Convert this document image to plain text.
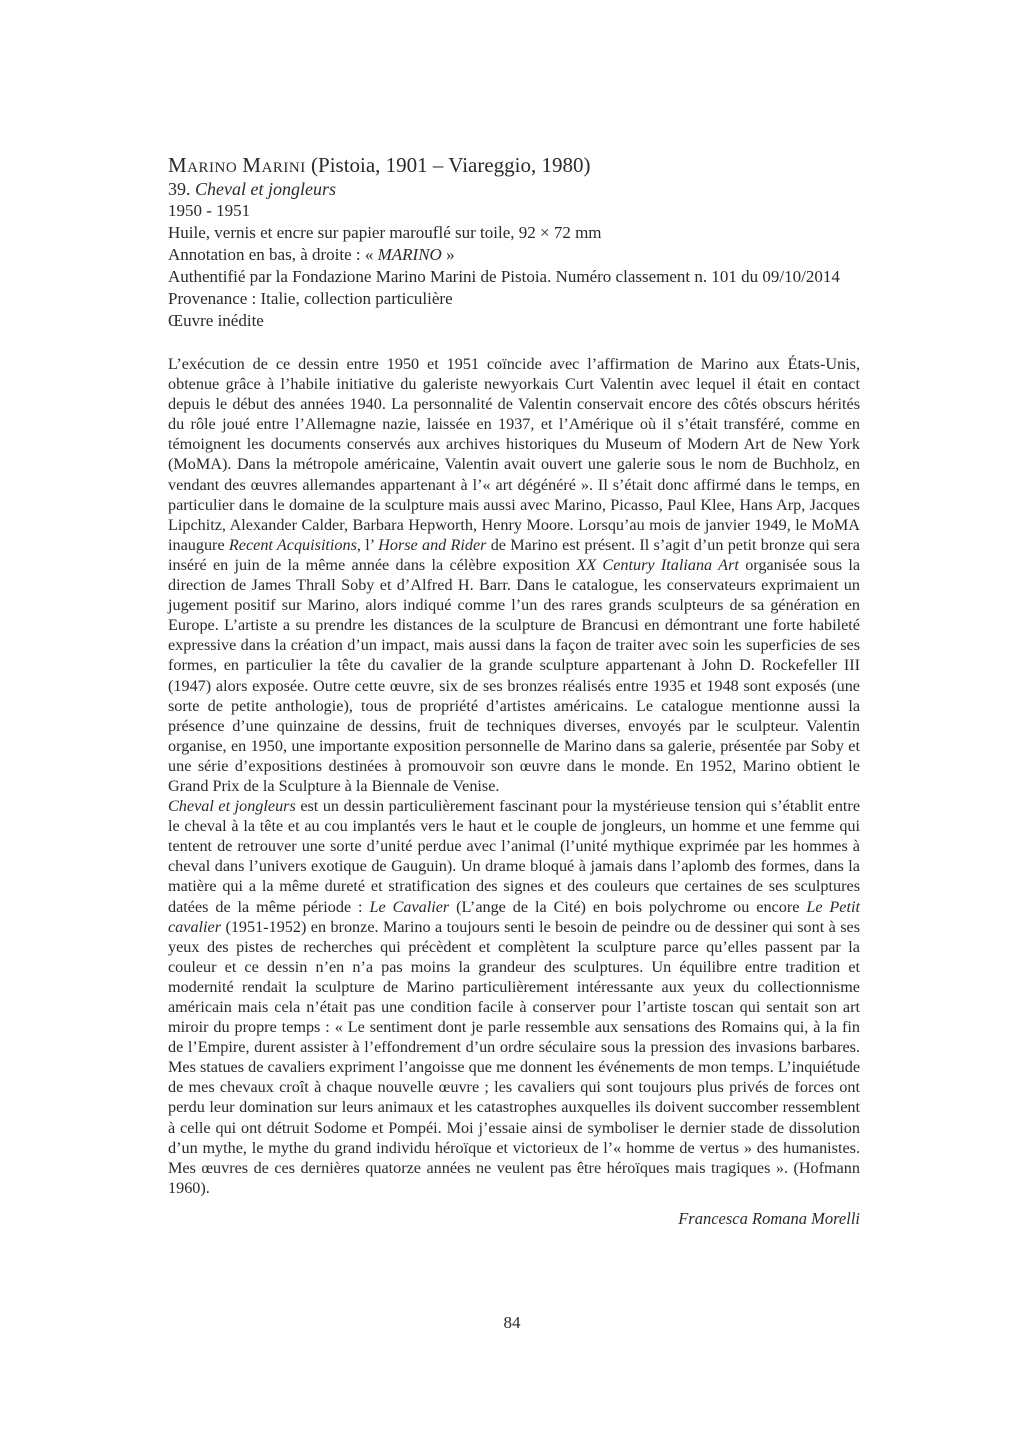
Marino Marini (Pistoia, 1901 – Viareggio, 1980)
39. Cheval et jongleurs
1950 - 1951
Huile, vernis et encre sur papier marouflé sur toile, 92 × 72 mm
Annotation en bas, à droite : « MARINO »
Authentifié par la Fondazione Marino Marini de Pistoia. Numéro classement n. 101 du 09/10/2014
Provenance : Italie, collection particulière
Œuvre inédite

L’exécution de ce dessin entre 1950 et 1951 coïncide avec l’affirmation de Marino aux États-Unis, obtenue grâce à l’habile initiative du galeriste newyorkais Curt Valentin avec lequel il était en contact depuis le début des années 1940. La personnalité de Valentin conservait encore des côtés obscurs hérités du rôle joué entre l’Allemagne nazie, laissée en 1937, et l’Amérique où il s’était transféré, comme en témoignent les documents conservés aux archives historiques du Museum of Modern Art de New York (MoMA). Dans la métropole américaine, Valentin avait ouvert une galerie sous le nom de Buchholz, en vendant des œuvres allemandes appartenant à l’« art dégénéré ». Il s’était donc affirmé dans le temps, en particulier dans le domaine de la sculpture mais aussi avec Marino, Picasso, Paul Klee, Hans Arp, Jacques Lipchitz, Alexander Calder, Barbara Hepworth, Henry Moore. Lorsqu’au mois de janvier 1949, le MoMA inaugure Recent Acquisitions, l’ Horse and Rider de Marino est présent. Il s’agit d’un petit bronze qui sera inséré en juin de la même année dans la célèbre exposition XX Century Italiana Art organisée sous la direction de James Thrall Soby et d’Alfred H. Barr. Dans le catalogue, les conservateurs exprimaient un jugement positif sur Marino, alors indiqué comme l’un des rares grands sculpteurs de sa génération en Europe. L’artiste a su prendre les distances de la sculpture de Brancusi en démontrant une forte habileté expressive dans la création d’un impact, mais aussi dans la façon de traiter avec soin les superficies de ses formes, en particulier la tête du cavalier de la grande sculpture appartenant à John D. Rockefeller III (1947) alors exposée. Outre cette œuvre, six de ses bronzes réalisés entre 1935 et 1948 sont exposés (une sorte de petite anthologie), tous de propriété d’artistes américains. Le catalogue mentionne aussi la présence d’une quinzaine de dessins, fruit de techniques diverses, envoyés par le sculpteur. Valentin organise, en 1950, une importante exposition personnelle de Marino dans sa galerie, présentée par Soby et une série d’expositions destinées à promouvoir son œuvre dans le monde. En 1952, Marino obtient le Grand Prix de la Sculpture à la Biennale de Venise.

Cheval et jongleurs est un dessin particulièrement fascinant pour la mystérieuse tension qui s’établit entre le cheval à la tête et au cou implantés vers le haut et le couple de jongleurs, un homme et une femme qui tentent de retrouver une sorte d’unité perdue avec l’animal (l’unité mythique exprimée par les hommes à cheval dans l’univers exotique de Gauguin). Un drame bloqué à jamais dans l’aplomb des formes, dans la matière qui a la même dureté et stratification des signes et des couleurs que certaines de ses sculptures datées de la même période : Le Cavalier (L’ange de la Cité) en bois polychrome ou encore Le Petit cavalier (1951-1952) en bronze. Marino a toujours senti le besoin de peindre ou de dessiner qui sont à ses yeux des pistes de recherches qui précèdent et complètent la sculpture parce qu’elles passent par la couleur et ce dessin n’en n’a pas moins la grandeur des sculptures. Un équilibre entre tradition et modernité rendait la sculpture de Marino particulièrement intéressante aux yeux du collectionnisme américain mais cela n’était pas une condition facile à conserver pour l’artiste toscan qui sentait son art miroir du propre temps : « Le sentiment dont je parle ressemble aux sensations des Romains qui, à la fin de l’Empire, durent assister à l’effondrement d’un ordre séculaire sous la pression des invasions barbares. Mes statues de cavaliers expriment l’angoisse que me donnent les événements de mon temps. L’inquiétude de mes chevaux croît à chaque nouvelle œuvre ; les cavaliers qui sont toujours plus privés de forces ont perdu leur domination sur leurs animaux et les catastrophes auxquelles ils doivent succomber ressemblent à celle qui ont détruit Sodome et Pompéi. Moi j’essaie ainsi de symboliser le dernier stade de dissolution d’un mythe, le mythe du grand individu héroïque et victorieux de l’« homme de vertus » des humanistes. Mes œuvres de ces dernières quatorze années ne veulent pas être héroïques mais tragiques ». (Hofmann 1960).

Francesca Romana Morelli
84
